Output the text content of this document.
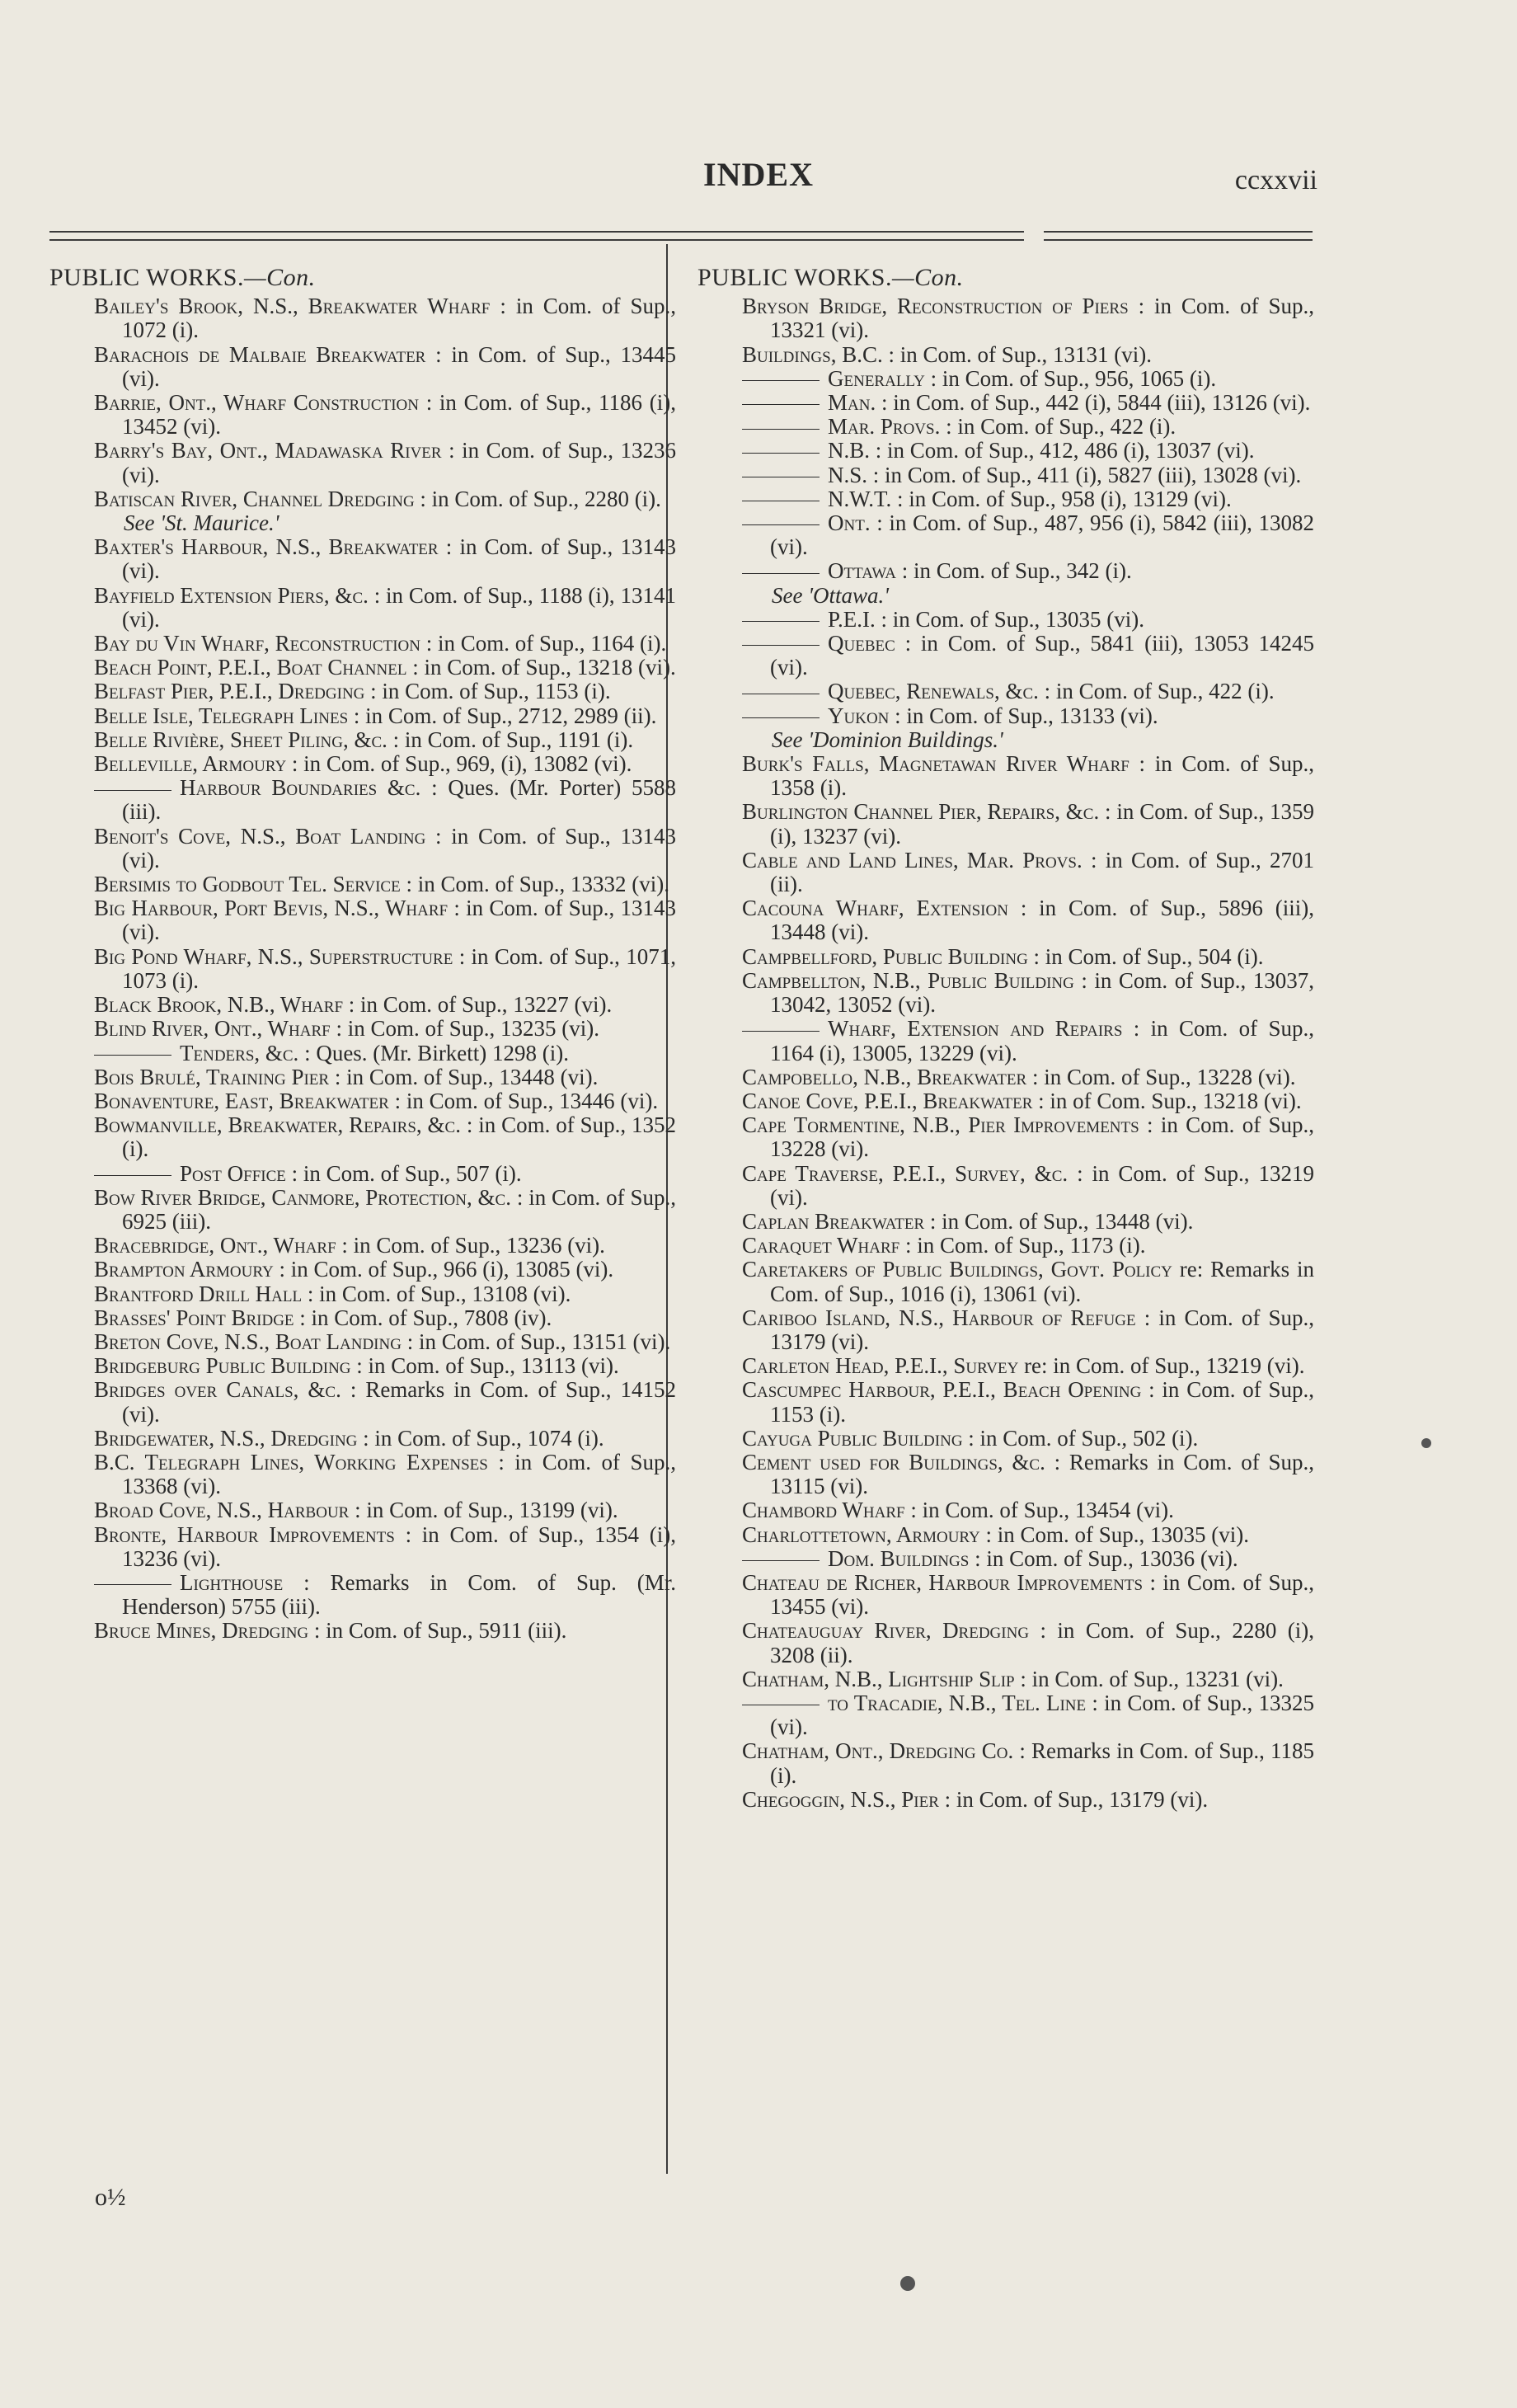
INDEX	ccxxvii
PUBLIC WORKS.—Con.
Bailey's Brook, N.S., Breakwater Wharf : in Com. of Sup., 1072 (i).
Barachois de Malbaie Breakwater : in Com. of Sup., 13445 (vi).
Barrie, Ont., Wharf Construction : in Com. of Sup., 1186 (i), 13452 (vi).
Barry's Bay, Ont., Madawaska River : in Com. of Sup., 13236 (vi).
Batiscan River, Channel Dredging : in Com. of Sup., 2280 (i).
See 'St. Maurice.'
Baxter's Harbour, N.S., Breakwater : in Com. of Sup., 13143 (vi).
Bayfield Extension Piers, &c. : in Com. of Sup., 1188 (i), 13141 (vi).
Bay du Vin Wharf, Reconstruction : in Com. of Sup., 1164 (i).
Beach Point, P.E.I., Boat Channel : in Com. of Sup., 13218 (vi).
Belfast Pier, P.E.I., Dredging : in Com. of Sup., 1153 (i).
Belle Isle, Telegraph Lines : in Com. of Sup., 2712, 2989 (ii).
Belle Rivière, Sheet Piling, &c. : in Com. of Sup., 1191 (i).
Belleville, Armoury : in Com. of Sup., 969, (i), 13082 (vi).
Harbour Boundaries &c. : Ques. (Mr. Porter) 5588 (iii).
Benoit's Cove, N.S., Boat Landing : in Com. of Sup., 13143 (vi).
Bersimis to Godbout Tel. Service : in Com. of Sup., 13332 (vi).
Big Harbour, Port Bevis, N.S., Wharf : in Com. of Sup., 13143 (vi).
Big Pond Wharf, N.S., Superstructure : in Com. of Sup., 1071, 1073 (i).
Black Brook, N.B., Wharf : in Com. of Sup., 13227 (vi).
Blind River, Ont., Wharf : in Com. of Sup., 13235 (vi).
Tenders, &c. : Ques. (Mr. Birkett) 1298 (i).
Bois Brulé, Training Pier : in Com. of Sup., 13448 (vi).
Bonaventure, East, Breakwater : in Com. of Sup., 13446 (vi).
Bowmanville, Breakwater, Repairs, &c. : in Com. of Sup., 1352 (i).
Post Office : in Com. of Sup., 507 (i).
Bow River Bridge, Canmore, Protection, &c. : in Com. of Sup., 6925 (iii).
Bracebridge, Ont., Wharf : in Com. of Sup., 13236 (vi).
Brampton Armoury : in Com. of Sup., 966 (i), 13085 (vi).
Brantford Drill Hall : in Com. of Sup., 13108 (vi).
Brasses' Point Bridge : in Com. of Sup., 7808 (iv).
Breton Cove, N.S., Boat Landing : in Com. of Sup., 13151 (vi).
Bridgeburg Public Building : in Com. of Sup., 13113 (vi).
Bridges over Canals, &c. : Remarks in Com. of Sup., 14152 (vi).
Bridgewater, N.S., Dredging : in Com. of Sup., 1074 (i).
B.C. Telegraph Lines, Working Expenses : in Com. of Sup., 13368 (vi).
Broad Cove, N.S., Harbour : in Com. of Sup., 13199 (vi).
Bronte, Harbour Improvements : in Com. of Sup., 1354 (i), 13236 (vi).
Lighthouse : Remarks in Com. of Sup. (Mr. Henderson) 5755 (iii).
Bruce Mines, Dredging : in Com. of Sup., 5911 (iii).
PUBLIC WORKS.—Con.
Bryson Bridge, Reconstruction of Piers : in Com. of Sup., 13321 (vi).
Buildings, B.C. : in Com. of Sup., 13131 (vi).
Generally : in Com. of Sup., 956, 1065 (i).
Man. : in Com. of Sup., 442 (i), 5844 (iii), 13126 (vi).
Mar. Provs. : in Com. of Sup., 422 (i).
N.B. : in Com. of Sup., 412, 486 (i), 13037 (vi).
N.S. : in Com. of Sup., 411 (i), 5827 (iii), 13028 (vi).
N.W.T. : in Com. of Sup., 958 (i), 13129 (vi).
Ont. : in Com. of Sup., 487, 956 (i), 5842 (iii), 13082 (vi).
Ottawa : in Com. of Sup., 342 (i).
See 'Ottawa.'
P.E.I. : in Com. of Sup., 13035 (vi).
Quebec : in Com. of Sup., 5841 (iii), 13053 14245 (vi).
Quebec, Renewals, &c. : in Com. of Sup., 422 (i).
Yukon : in Com. of Sup., 13133 (vi).
See 'Dominion Buildings.'
Burk's Falls, Magnetawan River Wharf : in Com. of Sup., 1358 (i).
Burlington Channel Pier, Repairs, &c. : in Com. of Sup., 1359 (i), 13237 (vi).
Cable and Land Lines, Mar. Provs. : in Com. of Sup., 2701 (ii).
Cacouna Wharf, Extension : in Com. of Sup., 5896 (iii), 13448 (vi).
Campbellford, Public Building : in Com. of Sup., 504 (i).
Campbellton, N.B., Public Building : in Com. of Sup., 13037, 13042, 13052 (vi).
Wharf, Extension and Repairs : in Com. of Sup., 1164 (i), 13005, 13229 (vi).
Campobello, N.B., Breakwater : in Com. of Sup., 13228 (vi).
Canoe Cove, P.E.I., Breakwater : in of Com. Sup., 13218 (vi).
Cape Tormentine, N.B., Pier Improvements : in Com. of Sup., 13228 (vi).
Cape Traverse, P.E.I., Survey, &c. : in Com. of Sup., 13219 (vi).
Caplan Breakwater : in Com. of Sup., 13448 (vi).
Caraquet Wharf : in Com. of Sup., 1173 (i).
Caretakers of Public Buildings, Govt. Policy re: Remarks in Com. of Sup., 1016 (i), 13061 (vi).
Cariboo Island, N.S., Harbour of Refuge : in Com. of Sup., 13179 (vi).
Carleton Head, P.E.I., Survey re: in Com. of Sup., 13219 (vi).
Cascumpec Harbour, P.E.I., Beach Opening : in Com. of Sup., 1153 (i).
Cayuga Public Building : in Com. of Sup., 502 (i).
Cement used for Buildings, &c. : Remarks in Com. of Sup., 13115 (vi).
Chambord Wharf : in Com. of Sup., 13454 (vi).
Charlottetown, Armoury : in Com. of Sup., 13035 (vi).
Dom. Buildings : in Com. of Sup., 13036 (vi).
Chateau de Richer, Harbour Improvements : in Com. of Sup., 13455 (vi).
Chateauguay River, Dredging : in Com. of Sup., 2280 (i), 3208 (ii).
Chatham, N.B., Lightship Slip : in Com. of Sup., 13231 (vi).
to Tracadie, N.B., Tel. Line : in Com. of Sup., 13325 (vi).
Chatham, Ont., Dredging Co. : Remarks in Com. of Sup., 1185 (i).
Chegoggin, N.S., Pier : in Com. of Sup., 13179 (vi).
o½
